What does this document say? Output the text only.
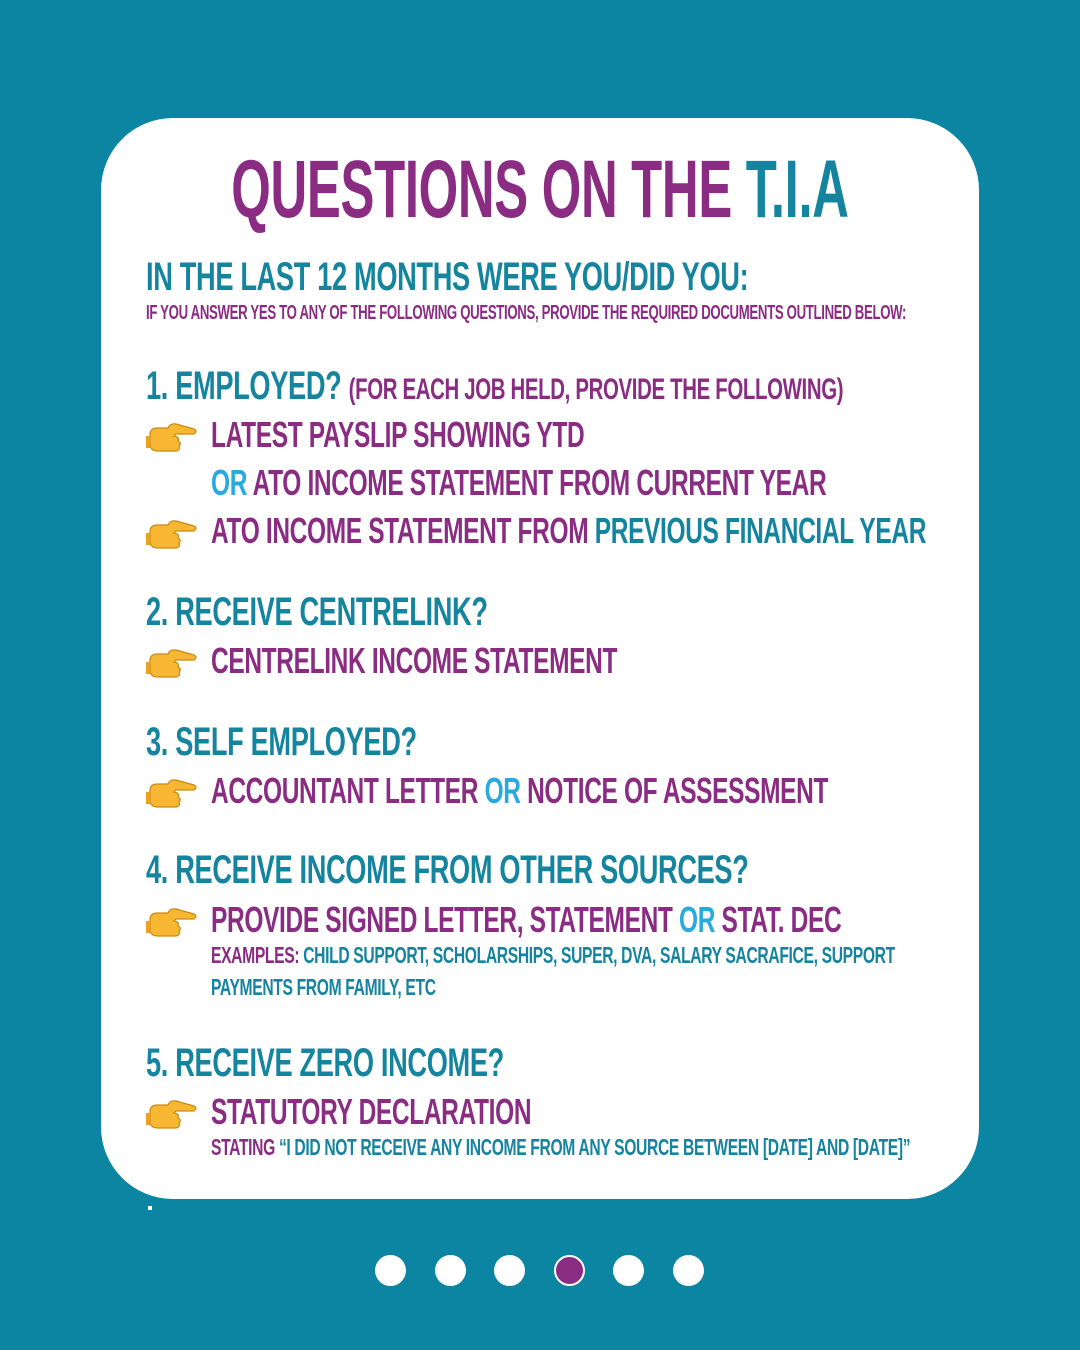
QUESTIONS ON THE T.I.A
IN THE LAST 12 MONTHS WERE YOU/DID YOU:
IF YOU ANSWER YES TO ANY OF THE FOLLOWING QUESTIONS, PROVIDE THE REQUIRED DOCUMENTS OUTLINED BELOW:
1. EMPLOYED? (FOR EACH JOB HELD, PROVIDE THE FOLLOWING)
LATEST PAYSLIP SHOWING YTD
OR ATO INCOME STATEMENT FROM CURRENT YEAR
ATO INCOME STATEMENT FROM PREVIOUS FINANCIAL YEAR
2. RECEIVE CENTRELINK?
CENTRELINK INCOME STATEMENT
3. SELF EMPLOYED?
ACCOUNTANT LETTER OR NOTICE OF ASSESSMENT
4. RECEIVE INCOME FROM OTHER SOURCES?
PROVIDE SIGNED LETTER, STATEMENT OR STAT. DEC
EXAMPLES: CHILD SUPPORT, SCHOLARSHIPS, SUPER, DVA, SALARY SACRAFICE, SUPPORT
PAYMENTS FROM FAMILY, ETC
5. RECEIVE ZERO INCOME?
STATUTORY DECLARATION
STATING “I DID NOT RECEIVE ANY INCOME FROM ANY SOURCE BETWEEN [DATE] AND [DATE]”
